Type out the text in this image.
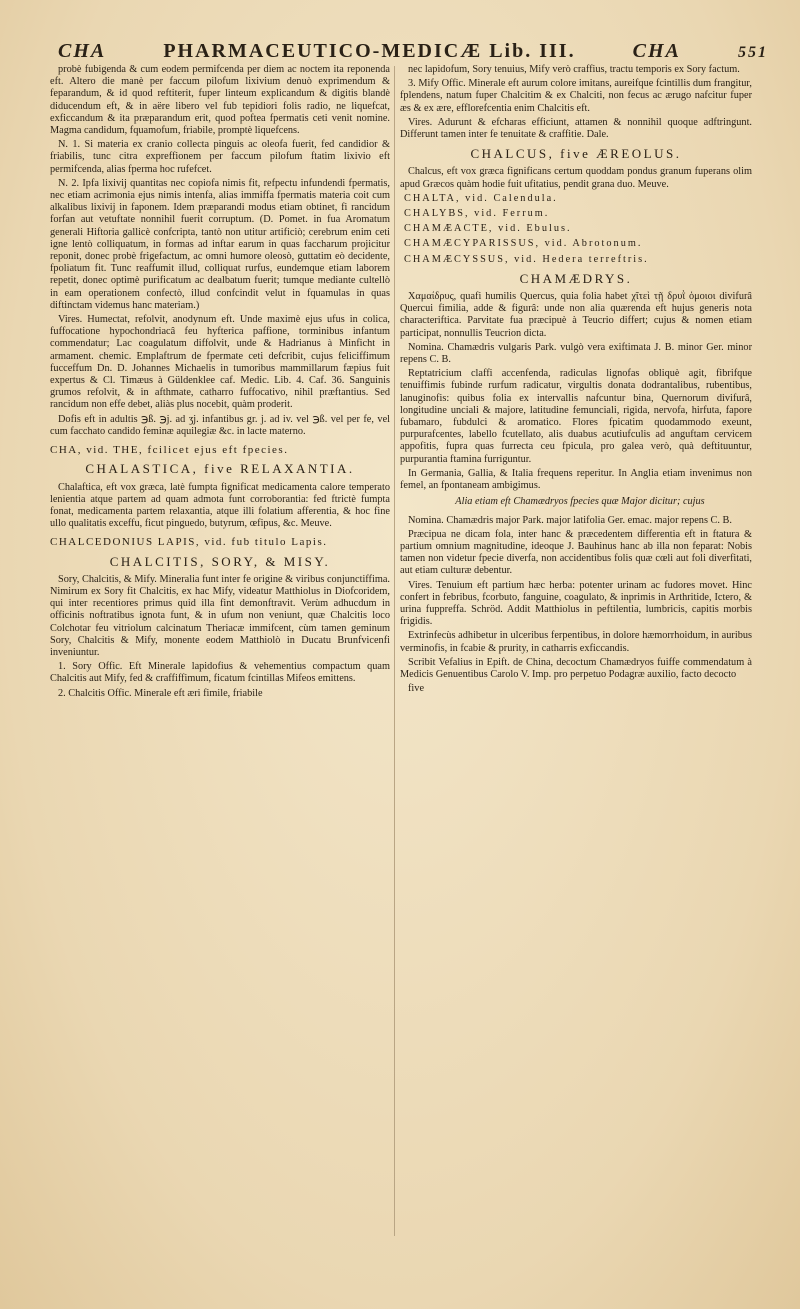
CHA	PHARMACEUTICO-MEDICÆ Lib. III.	CHA	551

probè fubigenda & cum eodem permifcenda per diem ac noctem ita reponenda eft. Altero die manè per faccum pilofum lixivium denuò exprimendum & feparandum, & id quod reftiterit, fuper linteum explicandum & digitis blandè diducendum eft, & in aëre libero vel fub tepidiori folis radio, ne liquefcat, exficcandum & ita præparandum erit, quod poftea fpermatis ceti venit nomine. Magma candidum, fquamofum, friabile, promptè liquefcens.

N. 1. Si materia ex cranio collecta pinguis ac oleofa fuerit, fed candidior & friabilis, tunc citra expreffionem per faccum pilofum ftatim lixivio eft permifcenda, alias fperma hoc rufefcet.

N. 2. Ipfa lixivij quantitas nec copiofa nimis fit, refpectu infundendi fpermatis, nec etiam acrimonia ejus nimis intenfa, alias immiffa fpermatis materia coit cum alkalibus lixivij in faponem. Idem præparandi modus etiam obtinet, fi rancidum forfan aut vetuftate nonnihil fuerit corruptum. (D. Pomet. in fua Aromatum generali Hiftoria gallicè confcripta, tantò non utitur artificiò; cerebrum enim ceti igne lentò colliquatum, in formas ad inftar earum in quas faccharum projicitur reponit, donec probè frigefactum, ac omni humore oleosò, guttatim eò decidente, fpoliatum fit. Tunc reaffumit illud, colliquat rurfus, eundemque etiam laborem repetit, donec optimè purificatum ac dealbatum fuerit; tumque mediante cultellò in eam operationem confectò, illud confcindit velut in fquamulas in quas diftinctam videmus hanc materiam.)

Vires. Humectat, refolvit, anodynum eft. Unde maximè ejus ufus in colica, fuffocatione hypochondriacâ feu hyfterica paffione, torminibus infantum commendatur; Lac coagulatum diffolvit, unde & Hadrianus à Minficht in armament. chemic. Emplaftrum de fpermate ceti defcribit, cujus feliciffimum fucceffum Dn. D. Johannes Michaelis in tumoribus mammillarum fæpius fuit expertus & Cl. Timæus à Güldenklee caf. Medic. Lib. 4. Caf. 36. Sanguinis grumos refolvit, & in afthmate, catharro fuffocativo, nihil præftantius. Sed rancidum non effe debet, aliàs plus nocebit, quàm proderit.

Dofis eft in adultis ℈ß. ℈j. ad ʒj. infantibus gr. j. ad iv. vel ℈ß. vel per fe, vel cum facchato candido feminæ aquilegiæ &c. in lacte materno.

CHA, vid. THE, fcilicet ejus eft fpecies.
CHALASTICA, five RELAXANTIA.

Chalaftica, eft vox græca, latè fumpta fignificat medicamenta calore temperato lenientia atque partem ad quam admota funt corroborantia: fed ftrictè fumpta fonat, medicamenta partem relaxantia, atque illi folatium afferentia, & hoc fine ullo qualitatis exceffu, ficut pinguedo, butyrum, œfipus, &c. Meuve.

CHALCEDONIUS LAPIS, vid. fub titulo Lapis.
CHALCITIS, SORY, & MISY.

Sory, Chalcitis, & Mify. Mineralia funt inter fe origine & viribus conjunctiffima. Nimirum ex Sory fit Chalcitis, ex hac Mify, videatur Matthiolus in Diofcoridem, qui inter recentiores primus quid illa fint demonftravit. Verùm adhucdum in officinis noftratibus ignota funt, & in ufum non veniunt, quæ Chalcitis loco Colchotar feu vitriolum calcinatum Theriacæ immifcent, cùm tamen geminum Sory, Chalcitis & Mify, monente eodem Matthiolò in Ducatu Brunfvicenfi inveniuntur.

1. Sory Offic. Eft Minerale lapidofius & vehementius compactum quam Chalcitis aut Mify, fed & craffiffimum, ficatum fcintillas Mifeos emittens.

2. Chalcitis Offic. Minerale eft æri fimile, friabile

nec lapidofum, Sory tenuius, Mify verò craffius, tractu temporis ex Sory factum.

3. Mify Offic. Minerale eft aurum colore imitans, aureifque fcintillis dum frangitur, fplendens, natum fuper Chalcitim & ex Chalciti, non fecus ac ærugo nafcitur fuper æs & ex ære, efflorefcentia enim Chalcitis eft.

Vires. Adurunt & efcharas efficiunt, attamen & nonnihil quoque adftringunt. Differunt tamen inter fe tenuitate & craffitie. Dale.

CHALCUS, five ÆREOLUS.

Chalcus, eft vox græca fignificans certum quoddam pondus granum fuperans olim apud Græcos quàm hodie fuit ufitatius, pendit grana duo. Meuve.

CHALTA, vid. Calendula.

CHALYBS, vid. Ferrum.

CHAMÆACTE, vid. Ebulus.

CHAMÆCYPARISSUS, vid. Abrotonum.

CHAMÆCYSSUS, vid. Hedera terreftris.

CHAMÆDRYS.

Χαμαίδρυς, quafi humilis Quercus, quia folia habet χῖτεὶ τῇ δρυῒ ὁμοιοι divifurâ Quercui fimilia, adde & figurâ: unde non alia quærenda eft hujus generis nota characteriftica. Parvitate fua præcipuè à Teucrio differt; cujus & nomen etiam participat, nonnullis Teucrion dicta.

Nomina. Chamædris vulgaris Park. vulgò vera exiftimata J. B. minor Ger. minor repens C. B.

Reptatricium claffi accenfenda, radiculas lignofas obliquè agit, fibrifque tenuiffimis fubinde rurfum radicatur, virgultis donata dodrantalibus, rubentibus, lanuginofis: quibus folia ex intervallis nafcuntur bina, Quernorum divifurâ, longitudine unciali & majore, latitudine femunciali, rigida, nervofa, hirfuta, fapore fubamaro, fubdulci & aromatico. Flores fpicatim quodammodo exeunt, purpurafcentes, labello fcutellato, alis duabus acutiufculis ad anguftam cervicem appofitis, fupra quas furrecta ceu fpicula, pro galea verò, quà deftituuntur, purpurantia ftamina furriguntur.

In Germania, Gallia, & Italia frequens reperitur. In Anglia etiam invenimus non femel, an fpontaneam ambigimus.

Alia etiam eft Chamædryos fpecies quæ Major dicitur; cujus

Nomina. Chamædris major Park. major latifolia Ger. emac. major repens C. B.

Præcipua ne dicam fola, inter hanc & præcedentem differentia eft in ftatura & partium omnium magnitudine, ideoque J. Bauhinus hanc ab illa non feparat: Nobis tamen non videtur fpecie diverfa, non accidentibus folis quæ cœli aut foli diverfitati, aut etiam culturæ debentur.

Vires. Tenuium eft partium hæc herba: potenter urinam ac fudores movet. Hinc confert in febribus, fcorbuto, fanguine, coagulato, & inprimis in Arthritide, Ictero, & urina fuppreffa. Schröd. Addit Matthiolus in peftilentia, lumbricis, capitis morbis frigidis.

Extrinfecùs adhibetur in ulceribus ferpentibus, in dolore hæmorrhoidum, in auribus verminofis, in fcabie & prurity, in catharris exficcandis.

Scribit Vefalius in Epift. de China, decoctum Chamædryos fuiffe commendatum à Medicis Genuentibus Carolo V. Imp. pro perpetuo Podagræ auxilio, facto decocto

five
